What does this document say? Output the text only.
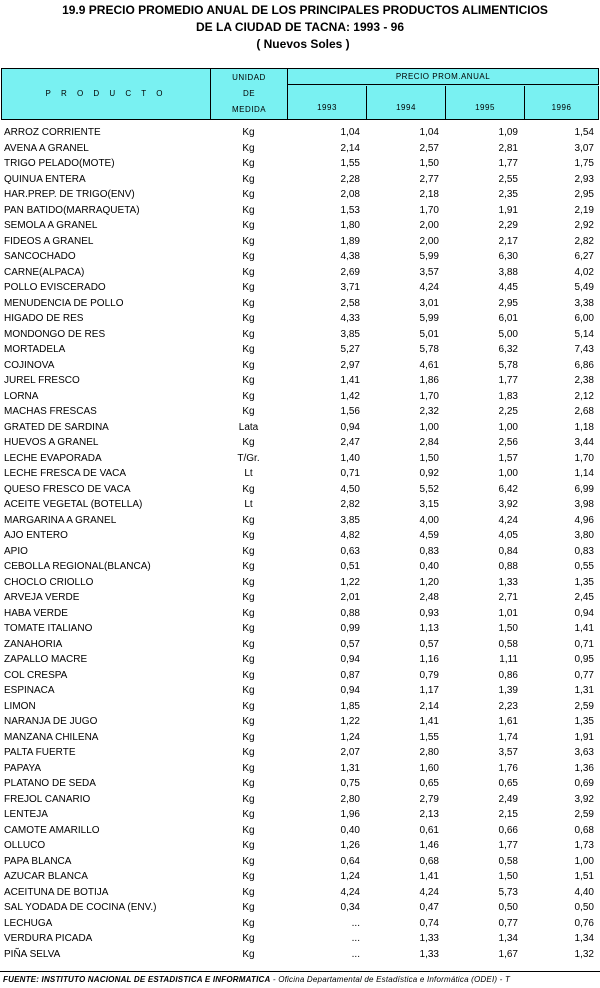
19.9 PRECIO PROMEDIO ANUAL DE LOS PRINCIPALES PRODUCTOS ALIMENTICIOS
DE LA CIUDAD DE TACNA: 1993 - 96
( Nuevos Soles )
P R O D U C T O
UNIDAD
DE
MEDIDA
PRECIO PROM.ANUAL
1993	1994	1995	1996
ARROZ CORRIENTE	Kg	1,04	1,04	1,09	1,54
AVENA A GRANEL	Kg	2,14	2,57	2,81	3,07
TRIGO PELADO(MOTE)	Kg	1,55	1,50	1,77	1,75
QUINUA ENTERA	Kg	2,28	2,77	2,55	2,93
HAR.PREP. DE TRIGO(ENV)	Kg	2,08	2,18	2,35	2,95
PAN BATIDO(MARRAQUETA)	Kg	1,53	1,70	1,91	2,19
SEMOLA A GRANEL	Kg	1,80	2,00	2,29	2,92
FIDEOS A GRANEL	Kg	1,89	2,00	2,17	2,82
SANCOCHADO	Kg	4,38	5,99	6,30	6,27
CARNE(ALPACA)	Kg	2,69	3,57	3,88	4,02
POLLO EVISCERADO	Kg	3,71	4,24	4,45	5,49
MENUDENCIA DE POLLO	Kg	2,58	3,01	2,95	3,38
HIGADO DE RES	Kg	4,33	5,99	6,01	6,00
MONDONGO DE RES	Kg	3,85	5,01	5,00	5,14
MORTADELA	Kg	5,27	5,78	6,32	7,43
COJINOVA	Kg	2,97	4,61	5,78	6,86
JUREL FRESCO	Kg	1,41	1,86	1,77	2,38
LORNA	Kg	1,42	1,70	1,83	2,12
MACHAS FRESCAS	Kg	1,56	2,32	2,25	2,68
GRATED DE SARDINA	Lata	0,94	1,00	1,00	1,18
HUEVOS A GRANEL	Kg	2,47	2,84	2,56	3,44
LECHE EVAPORADA	T/Gr.	1,40	1,50	1,57	1,70
LECHE FRESCA DE VACA	Lt	0,71	0,92	1,00	1,14
QUESO FRESCO DE VACA	Kg	4,50	5,52	6,42	6,99
ACEITE VEGETAL (BOTELLA)	Lt	2,82	3,15	3,92	3,98
MARGARINA A GRANEL	Kg	3,85	4,00	4,24	4,96
AJO ENTERO	Kg	4,82	4,59	4,05	3,80
APIO	Kg	0,63	0,83	0,84	0,83
CEBOLLA REGIONAL(BLANCA)	Kg	0,51	0,40	0,88	0,55
CHOCLO CRIOLLO	Kg	1,22	1,20	1,33	1,35
ARVEJA VERDE	Kg	2,01	2,48	2,71	2,45
HABA VERDE	Kg	0,88	0,93	1,01	0,94
TOMATE ITALIANO	Kg	0,99	1,13	1,50	1,41
ZANAHORIA	Kg	0,57	0,57	0,58	0,71
ZAPALLO MACRE	Kg	0,94	1,16	1,11	0,95
COL CRESPA	Kg	0,87	0,79	0,86	0,77
ESPINACA	Kg	0,94	1,17	1,39	1,31
LIMON	Kg	1,85	2,14	2,23	2,59
NARANJA DE JUGO	Kg	1,22	1,41	1,61	1,35
MANZANA CHILENA	Kg	1,24	1,55	1,74	1,91
PALTA FUERTE	Kg	2,07	2,80	3,57	3,63
PAPAYA	Kg	1,31	1,60	1,76	1,36
PLATANO DE SEDA	Kg	0,75	0,65	0,65	0,69
FREJOL CANARIO	Kg	2,80	2,79	2,49	3,92
LENTEJA	Kg	1,96	2,13	2,15	2,59
CAMOTE AMARILLO	Kg	0,40	0,61	0,66	0,68
OLLUCO	Kg	1,26	1,46	1,77	1,73
PAPA BLANCA	Kg	0,64	0,68	0,58	1,00
AZUCAR BLANCA	Kg	1,24	1,41	1,50	1,51
ACEITUNA DE BOTIJA	Kg	4,24	4,24	5,73	4,40
SAL YODADA DE COCINA (ENV.)	Kg	0,34	0,47	0,50	0,50
LECHUGA	Kg	...	0,74	0,77	0,76
VERDURA PICADA	Kg	...	1,33	1,34	1,34
PIÑA SELVA	Kg	...	1,33	1,67	1,32
FUENTE: INSTITUTO NACIONAL DE ESTADISTICA E INFORMATICA - Oficina Departamental de Estadística e Informática (ODEI) - T
